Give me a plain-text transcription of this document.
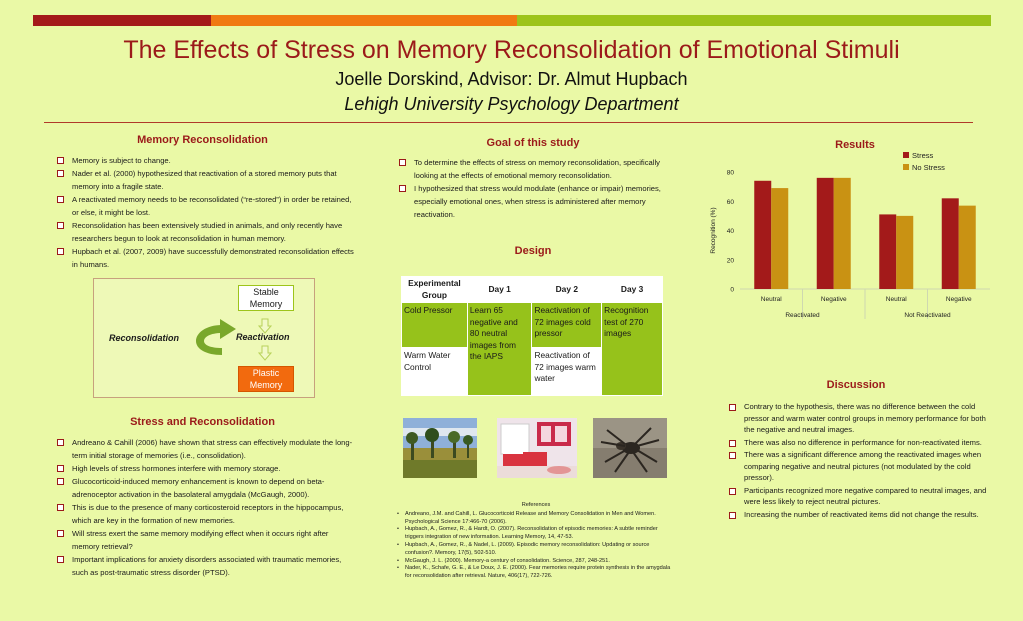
The Effects of Stress on Memory Reconsolidation of Emotional Stimuli
Joelle Dorskind, Advisor: Dr. Almut Hupbach
Lehigh University Psychology Department
Memory Reconsolidation
Memory is subject to change.
Nader et al. (2000) hypothesized that reactivation of a stored memory puts that memory into a fragile state.
A reactivated memory needs to be reconsolidated (“re-stored”) in order be retained, or else, it might be lost.
Reconsolidation has been extensively studied in animals, and only recently have researchers begun to look at reconsolidation in human memory.
Hupbach et al. (2007, 2009) have successfully demonstrated reconsolidation effects in humans.
Stable Memory
Reactivation
Plastic Memory
Reconsolidation
Stress and Reconsolidation
Andreano & Cahill (2006) have shown that stress can effectively modulate the long-term initial storage of memories (i.e., consolidation).
High levels of stress hormones interfere with memory storage.
Glucocorticoid-induced memory enhancement is known to depend on beta-adrenoceptor activation in the basolateral amygdala (McGaugh, 2000).
This is due to the presence of many corticosteroid receptors in the hippocampus, which are key in the formation of new memories.
Will stress exert the same memory modifying effect when it occurs right after memory retrieval?
Important implications for anxiety disorders associated with traumatic memories, such as post-traumatic stress disorder (PTSD).
Goal of this study
To determine the effects of stress on memory reconsolidation, specifically looking at the effects of emotional memory reconsolidation.
I hypothesized that stress would modulate (enhance or impair) memories, especially emotional ones, when stress is administered after memory reactivation.
Design
Experimental Group	Day 1	Day 2	Day 3
Cold Pressor	Learn 65 negative and 80 neutral images from the IAPS	Reactivation of 72 images cold pressor	Recognition test of 270 images
Warm Water Control		Reactivation of 72 images warm water	
References
• Andreano, J.M. and Cahill, L. Glucocorticoid Release and Memory Consolidation in Men and Women. Psychological Science 17:466-70 (2006).
• Hupbach, A., Gomez, R., & Hardt, O. (2007). Reconsolidation of episodic memories: A subtle reminder triggers integration of new information. Learning Memory, 14, 47-53.
• Hupbach, A., Gomez, R., & Nadel, L. (2009). Episodic memory reconsolidation: Updating or source confusion?. Memory, 17(5), 502-510.
• McGaugh, J. L. (2000). Memory-a century of consolidation. Science, 287, 248-251.
• Nader, K., Schafe, G. E., & Le Doux, J. E. (2000). Fear memories require protein synthesis in the amygdala for reconsolidation after retrieval. Nature, 406(17), 722-726.
Results
0
20
40
60
80
Recognition (%)
Neutral	Negative	Neutral	Negative
Reactivated	Not Reactivated
Stress
No Stress
Discussion
Contrary to the hypothesis, there was no difference between the cold pressor and warm water control groups in memory performance for both the negative and neutral images.
There was also no difference in performance for non-reactivated items.
There was a significant difference among the reactivated images when comparing negative and neutral pictures (not modulated by the cold pressor).
Participants recognized more negative compared to neutral images, and were less likely to reject neutral pictures.
Increasing the number of reactivated items did not change the results.
